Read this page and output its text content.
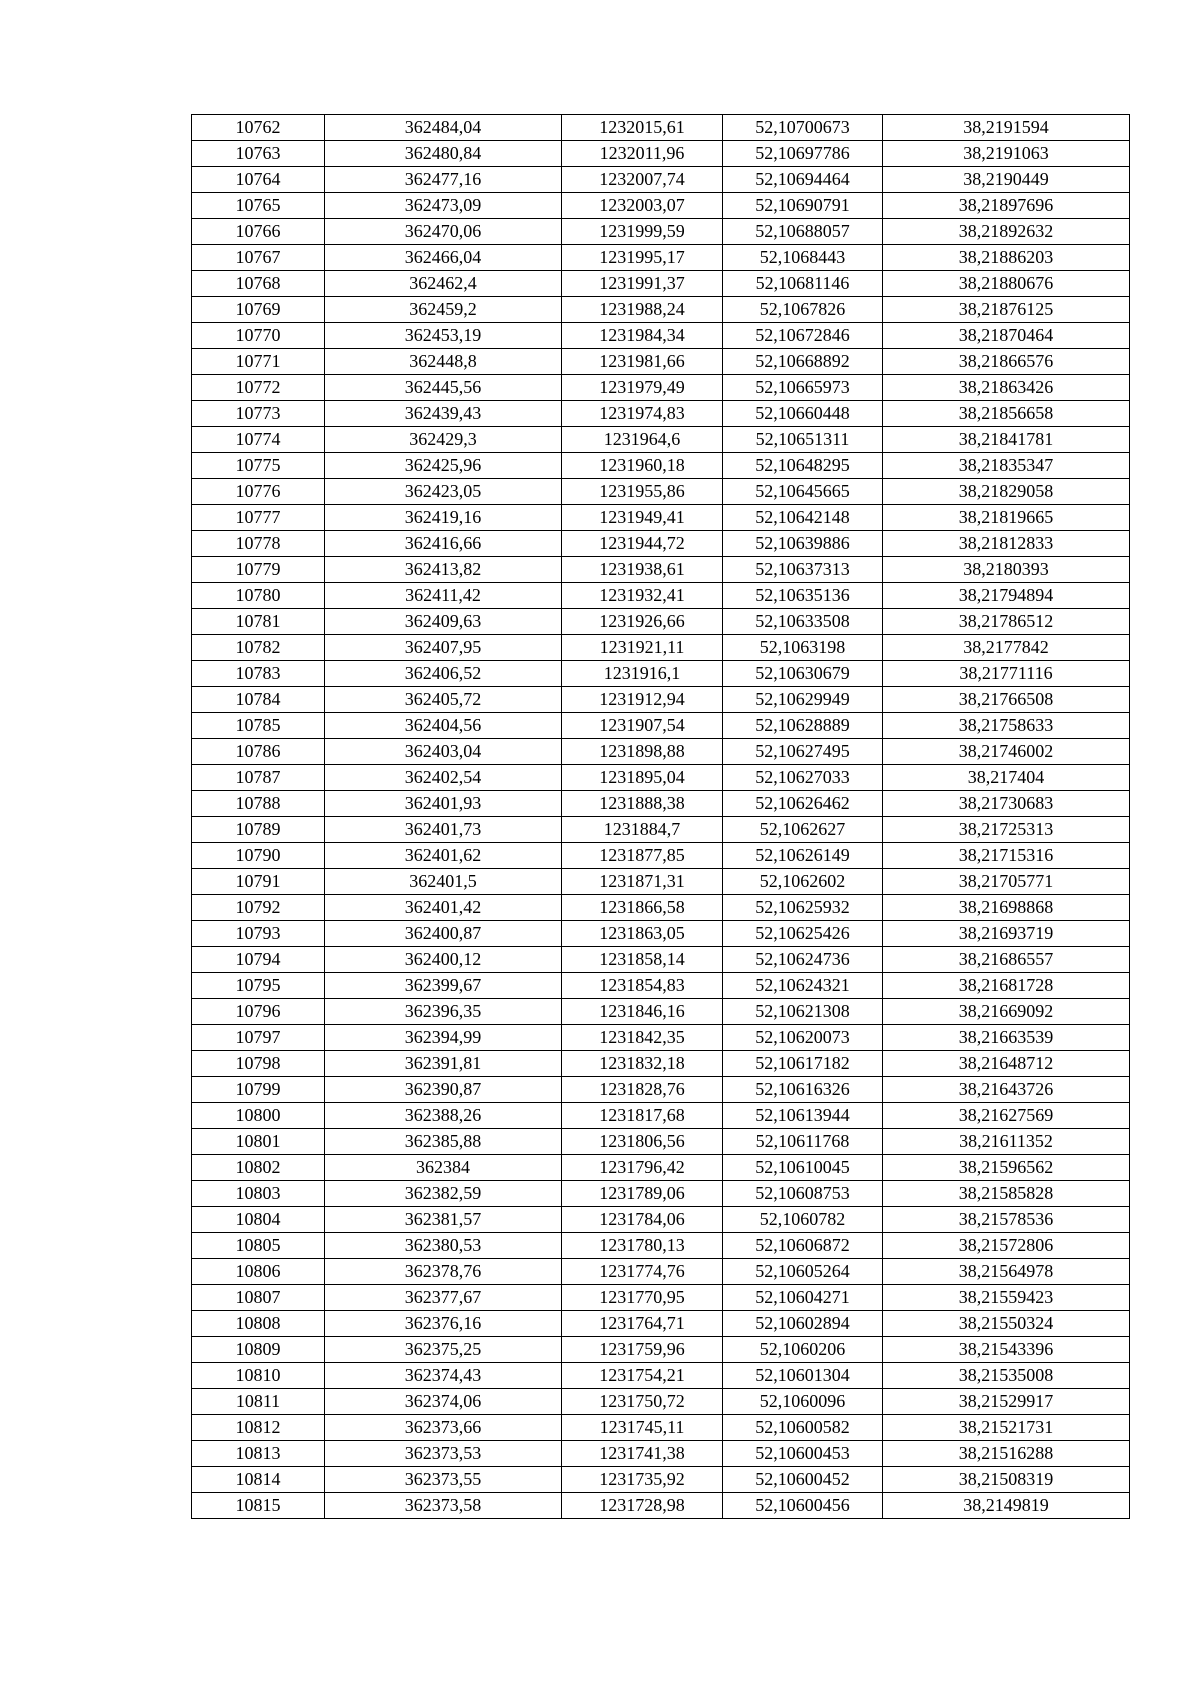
10762	362484,04	1232015,61	52,10700673	38,2191594
10763	362480,84	1232011,96	52,10697786	38,2191063
10764	362477,16	1232007,74	52,10694464	38,2190449
10765	362473,09	1232003,07	52,10690791	38,21897696
10766	362470,06	1231999,59	52,10688057	38,21892632
10767	362466,04	1231995,17	52,1068443	38,21886203
10768	362462,4	1231991,37	52,10681146	38,21880676
10769	362459,2	1231988,24	52,1067826	38,21876125
10770	362453,19	1231984,34	52,10672846	38,21870464
10771	362448,8	1231981,66	52,10668892	38,21866576
10772	362445,56	1231979,49	52,10665973	38,21863426
10773	362439,43	1231974,83	52,10660448	38,21856658
10774	362429,3	1231964,6	52,10651311	38,21841781
10775	362425,96	1231960,18	52,10648295	38,21835347
10776	362423,05	1231955,86	52,10645665	38,21829058
10777	362419,16	1231949,41	52,10642148	38,21819665
10778	362416,66	1231944,72	52,10639886	38,21812833
10779	362413,82	1231938,61	52,10637313	38,2180393
10780	362411,42	1231932,41	52,10635136	38,21794894
10781	362409,63	1231926,66	52,10633508	38,21786512
10782	362407,95	1231921,11	52,1063198	38,2177842
10783	362406,52	1231916,1	52,10630679	38,21771116
10784	362405,72	1231912,94	52,10629949	38,21766508
10785	362404,56	1231907,54	52,10628889	38,21758633
10786	362403,04	1231898,88	52,10627495	38,21746002
10787	362402,54	1231895,04	52,10627033	38,217404
10788	362401,93	1231888,38	52,10626462	38,21730683
10789	362401,73	1231884,7	52,1062627	38,21725313
10790	362401,62	1231877,85	52,10626149	38,21715316
10791	362401,5	1231871,31	52,1062602	38,21705771
10792	362401,42	1231866,58	52,10625932	38,21698868
10793	362400,87	1231863,05	52,10625426	38,21693719
10794	362400,12	1231858,14	52,10624736	38,21686557
10795	362399,67	1231854,83	52,10624321	38,21681728
10796	362396,35	1231846,16	52,10621308	38,21669092
10797	362394,99	1231842,35	52,10620073	38,21663539
10798	362391,81	1231832,18	52,10617182	38,21648712
10799	362390,87	1231828,76	52,10616326	38,21643726
10800	362388,26	1231817,68	52,10613944	38,21627569
10801	362385,88	1231806,56	52,10611768	38,21611352
10802	362384	1231796,42	52,10610045	38,21596562
10803	362382,59	1231789,06	52,10608753	38,21585828
10804	362381,57	1231784,06	52,1060782	38,21578536
10805	362380,53	1231780,13	52,10606872	38,21572806
10806	362378,76	1231774,76	52,10605264	38,21564978
10807	362377,67	1231770,95	52,10604271	38,21559423
10808	362376,16	1231764,71	52,10602894	38,21550324
10809	362375,25	1231759,96	52,1060206	38,21543396
10810	362374,43	1231754,21	52,10601304	38,21535008
10811	362374,06	1231750,72	52,1060096	38,21529917
10812	362373,66	1231745,11	52,10600582	38,21521731
10813	362373,53	1231741,38	52,10600453	38,21516288
10814	362373,55	1231735,92	52,10600452	38,21508319
10815	362373,58	1231728,98	52,10600456	38,2149819
